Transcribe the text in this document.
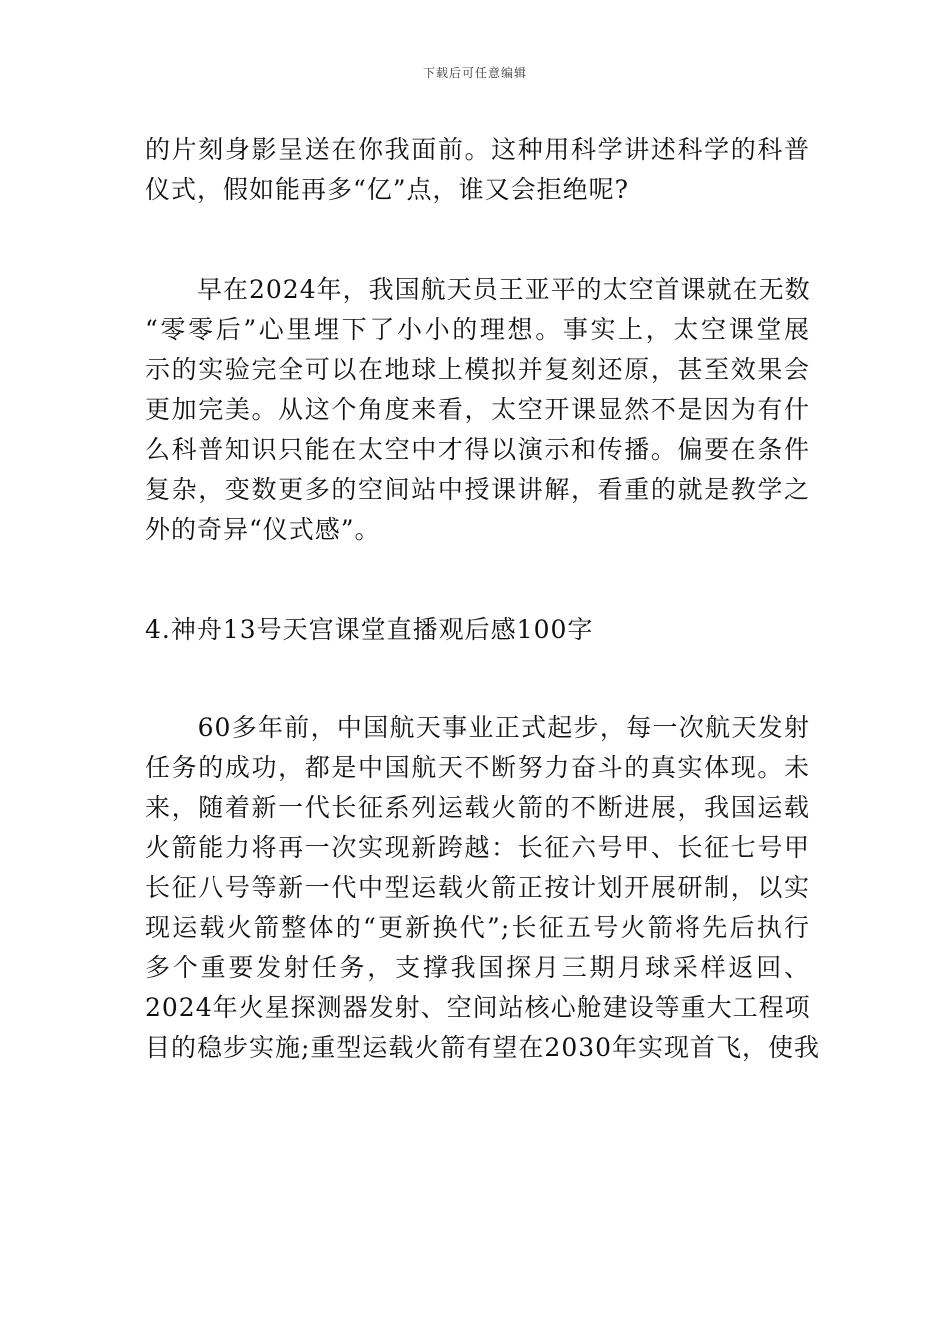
下载后可任意编辑
的片刻身影呈送在你我面前。这种用科学讲述科学的科普
仪式，假如能再多“亿”点，谁又会拒绝呢?
　　早在2024年，我国航天员王亚平的太空首课就在无数
“零零后”心里埋下了小小的理想。事实上，太空课堂展
示的实验完全可以在地球上模拟并复刻还原，甚至效果会
更加完美。从这个角度来看，太空开课显然不是因为有什
么科普知识只能在太空中才得以演示和传播。偏要在条件
复杂，变数更多的空间站中授课讲解，看重的就是教学之
外的奇异“仪式感”。
4.神舟13号天宫课堂直播观后感100字
　　60多年前，中国航天事业正式起步，每一次航天发射
任务的成功，都是中国航天不断努力奋斗的真实体现。未
来，随着新一代长征系列运载火箭的不断进展，我国运载
火箭能力将再一次实现新跨越：长征六号甲、长征七号甲
长征八号等新一代中型运载火箭正按计划开展研制，以实
现运载火箭整体的“更新换代”;长征五号火箭将先后执行
多个重要发射任务，支撑我国探月三期月球采样返回、
2024年火星探测器发射、空间站核心舱建设等重大工程项
目的稳步实施;重型运载火箭有望在2030年实现首飞，使我
